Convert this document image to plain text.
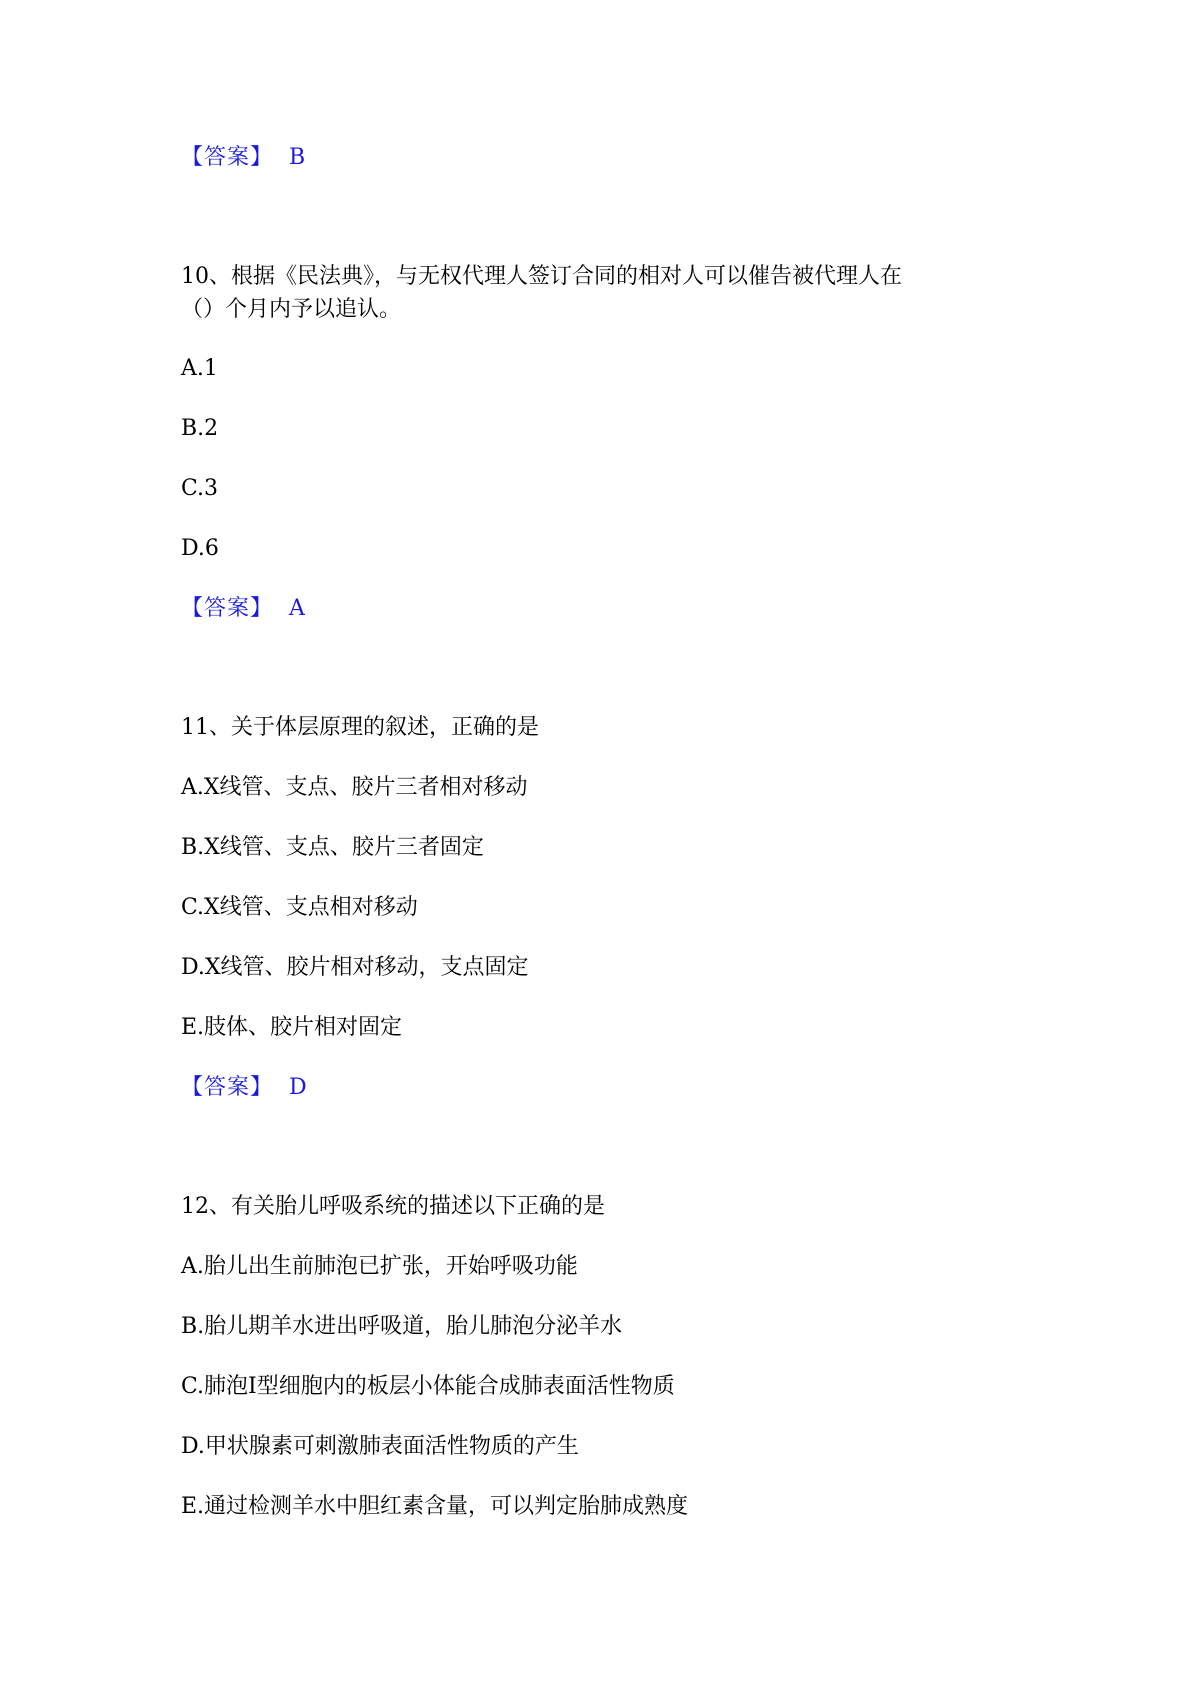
【答案】 B
10、根据《民法典》，与无权代理人签订合同的相对人可以催告被代理人在
（）个月内予以追认。
A.1
B.2
C.3
D.6
【答案】 A
11、关于体层原理的叙述，正确的是
A.X线管、支点、胶片三者相对移动
B.X线管、支点、胶片三者固定
C.X线管、支点相对移动
D.X线管、胶片相对移动，支点固定
E.肢体、胶片相对固定
【答案】 D
12、有关胎儿呼吸系统的描述以下正确的是
A.胎儿出生前肺泡已扩张，开始呼吸功能
B.胎儿期羊水进出呼吸道，胎儿肺泡分泌羊水
C.肺泡Ⅰ型细胞内的板层小体能合成肺表面活性物质
D.甲状腺素可刺激肺表面活性物质的产生
E.通过检测羊水中胆红素含量，可以判定胎肺成熟度
